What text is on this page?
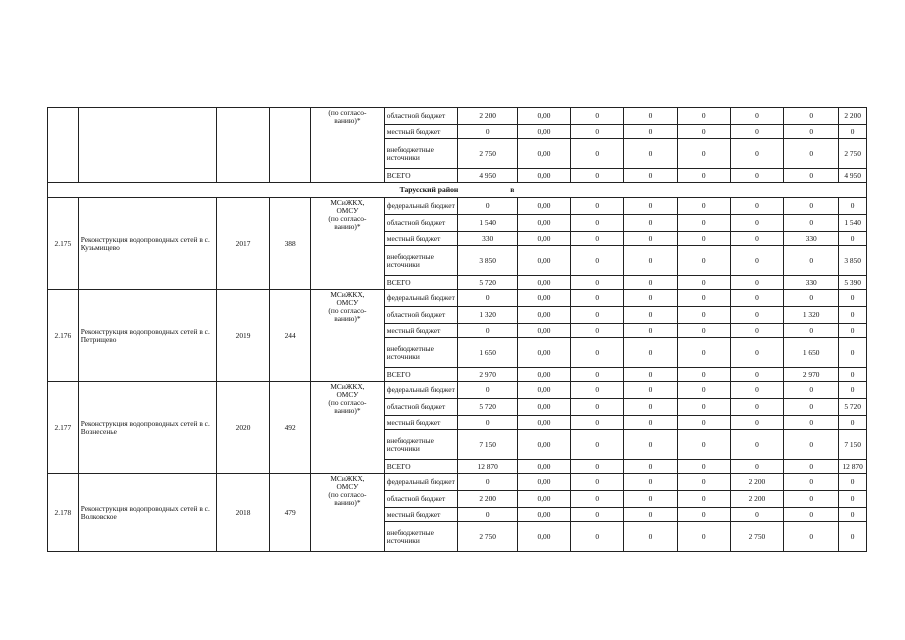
				(по согласо-
ванию)*	областной бюджет	2 200	0,00	0	0	0	0	0	2 200
					местный бюджет	0	0,00	0	0	0	0	0	0
					внебюджетные источники	2 750	0,00	0	0	0	0	0	2 750
					ВСЕГО	4 950	0,00	0	0	0	0	0	4 950
Тарусский район в													
2.175	Реконструкция водопроводных сетей в с. Кузьмищево	2017	388	МСиЖКХ,
ОМСУ
(по согласо-
ванию)*	федеральный бюджет	0	0,00	0	0	0	0	0	0
					областной бюджет	1 540	0,00	0	0	0	0	0	1 540
					местный бюджет	330	0,00	0	0	0	0	330	0
					внебюджетные источники	3 850	0,00	0	0	0	0	0	3 850
					ВСЕГО	5 720	0,00	0	0	0	0	330	5 390
2.176	Реконструкция водопроводных сетей в с. Петрищево	2019	244	МСиЖКХ,
ОМСУ
(по согласо-
ванию)*	федеральный бюджет	0	0,00	0	0	0	0	0	0
					областной бюджет	1 320	0,00	0	0	0	0	1 320	0
					местный бюджет	0	0,00	0	0	0	0	0	0
					внебюджетные источники	1 650	0,00	0	0	0	0	1 650	0
					ВСЕГО	2 970	0,00	0	0	0	0	2 970	0
2.177	Реконструкция водопроводных сетей в с. Вознесенье	2020	492	МСиЖКХ,
ОМСУ
(по согласо-
ванию)*	федеральный бюджет	0	0,00	0	0	0	0	0	0
					областной бюджет	5 720	0,00	0	0	0	0	0	5 720
					местный бюджет	0	0,00	0	0	0	0	0	0
					внебюджетные источники	7 150	0,00	0	0	0	0	0	7 150
					ВСЕГО	12 870	0,00	0	0	0	0	0	12 870
2.178	Реконструкция водопроводных сетей в с. Волковское	2018	479	МСиЖКХ,
ОМСУ
(по согласо-
ванию)*	федеральный бюджет	0	0,00	0	0	0	2 200	0	0
					областной бюджет	2 200	0,00	0	0	0	2 200	0	0
					местный бюджет	0	0,00	0	0	0	0	0	0
					внебюджетные источники	2 750	0,00	0	0	0	2 750	0	0
